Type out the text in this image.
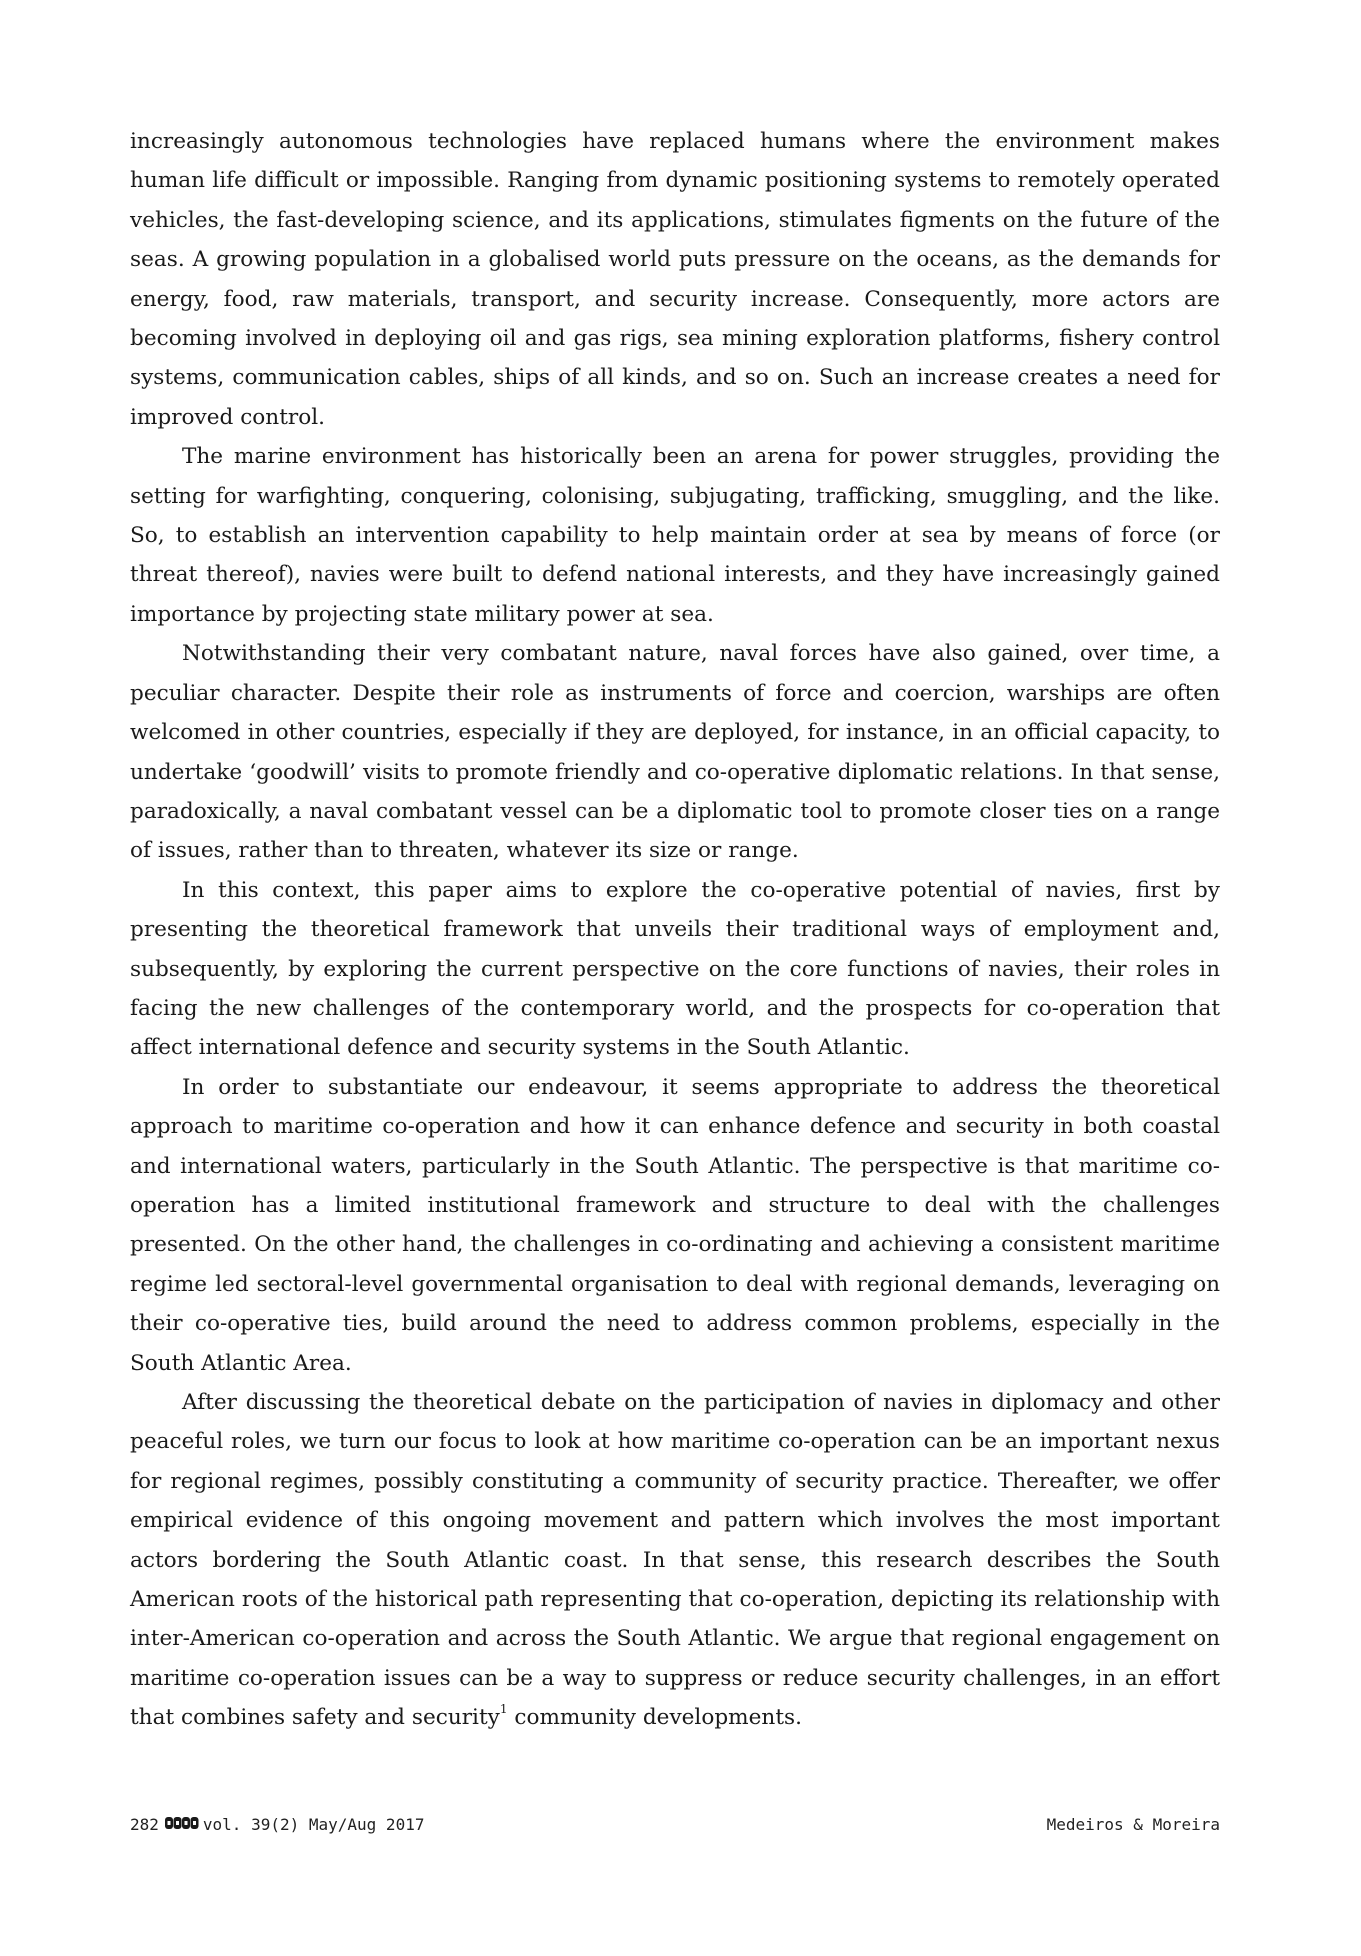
increasingly autonomous technologies have replaced humans where the environment makes human life difficult or impossible. Ranging from dynamic positioning systems to remotely operated vehicles, the fast-developing science, and its applications, stimulates figments on the future of the seas. A growing population in a globalised world puts pressure on the oceans, as the demands for energy, food, raw materials, transport, and security increase. Consequently, more actors are becoming involved in deploying oil and gas rigs, sea mining exploration platforms, fishery control systems, communication cables, ships of all kinds, and so on. Such an increase creates a need for improved control.

The marine environment has historically been an arena for power struggles, providing the setting for warfighting, conquering, colonising, subjugating, trafficking, smuggling, and the like. So, to establish an intervention capability to help maintain order at sea by means of force (or threat thereof), navies were built to defend national interests, and they have increasingly gained importance by projecting state military power at sea.

Notwithstanding their very combatant nature, naval forces have also gained, over time, a peculiar character. Despite their role as instruments of force and coercion, warships are often welcomed in other countries, especially if they are deployed, for instance, in an official capacity, to undertake ‘goodwill’ visits to promote friendly and co-operative diplomatic relations. In that sense, paradoxically, a naval combatant vessel can be a diplomatic tool to promote closer ties on a range of issues, rather than to threaten, whatever its size or range.

In this context, this paper aims to explore the co-operative potential of navies, first by presenting the theoretical framework that unveils their traditional ways of employment and, subsequently, by exploring the current perspective on the core functions of navies, their roles in facing the new challenges of the contemporary world, and the prospects for co-operation that affect international defence and security systems in the South Atlantic.

In order to substantiate our endeavour, it seems appropriate to address the theoretical approach to maritime co-operation and how it can enhance defence and security in both coastal and international waters, particularly in the South Atlantic. The perspective is that maritime co-operation has a limited institutional framework and structure to deal with the challenges presented. On the other hand, the challenges in co-ordinating and achieving a consistent maritime regime led sectoral-level governmental organisation to deal with regional demands, leveraging on their co-operative ties, build around the need to address common problems, especially in the South Atlantic Area.

After discussing the theoretical debate on the participation of navies in diplomacy and other peaceful roles, we turn our focus to look at how maritime co-operation can be an important nexus for regional regimes, possibly constituting a community of security practice. Thereafter, we offer empirical evidence of this ongoing movement and pattern which involves the most important actors bordering the South Atlantic coast. In that sense, this research describes the South American roots of the historical path representing that co-operation, depicting its relationship with inter-American co-operation and across the South Atlantic. We argue that regional engagement on maritime co-operation issues can be a way to suppress or reduce security challenges, in an effort that combines safety and security$^1$ community developments.

282	vol. 39(2) May/Aug 2017	Medeiros & Moreira
